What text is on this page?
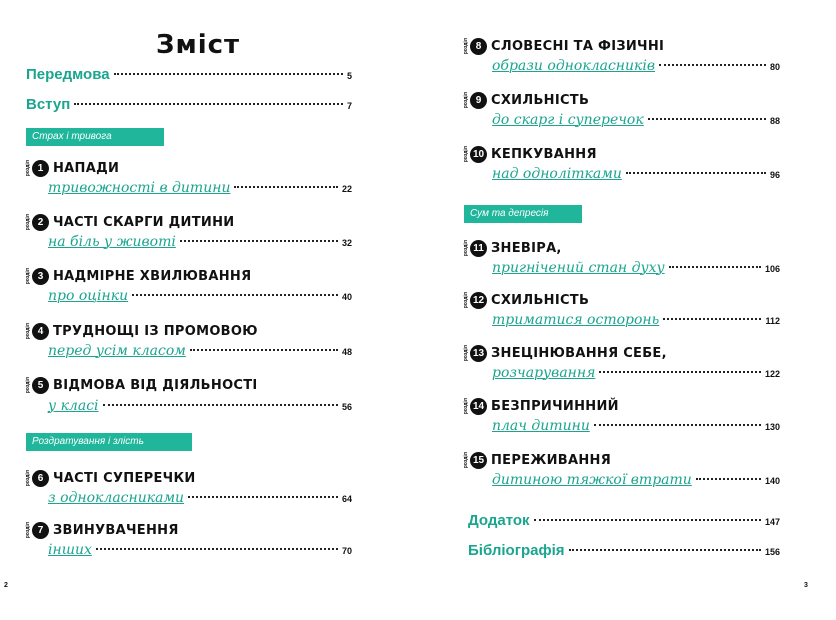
Зміст
Передмова	5
Вступ	7
Страх і тривога
розділ 1 НАПАДИ
тривожності в дитини	22
розділ 2 ЧАСТІ СКАРГИ ДИТИНИ
на біль у животі	32
розділ 3 НАДМІРНЕ ХВИЛЮВАННЯ
про оцінки	40
розділ 4 ТРУДНОЩІ ІЗ ПРОМОВОЮ
перед усім класом	48
розділ 5 ВІДМОВА ВІД ДІЯЛЬНОСТІ
у класі	56
Роздратування і злість
розділ 6 ЧАСТІ СУПЕРЕЧКИ
з однокласниками	64
розділ 7 ЗВИНУВАЧЕННЯ
інших	70
розділ 8 СЛОВЕСНІ ТА ФІЗИЧНІ
образи однокласників	80
розділ 9 СХИЛЬНІСТЬ
до скарг і суперечок	88
розділ 10 КЕПКУВАННЯ
над однолітками	96
Сум та депресія
розділ 11 ЗНЕВІРА,
пригнічений стан духу	106
розділ 12 СХИЛЬНІСТЬ
триматися осторонь	112
розділ 13 ЗНЕЦІНЮВАННЯ СЕБЕ,
розчарування	122
розділ 14 БЕЗПРИЧИННИЙ
плач дитини	130
розділ 15 ПЕРЕЖИВАННЯ
дитиною тяжкої втрати	140
Додаток	147
Бібліографія	156
2	3
